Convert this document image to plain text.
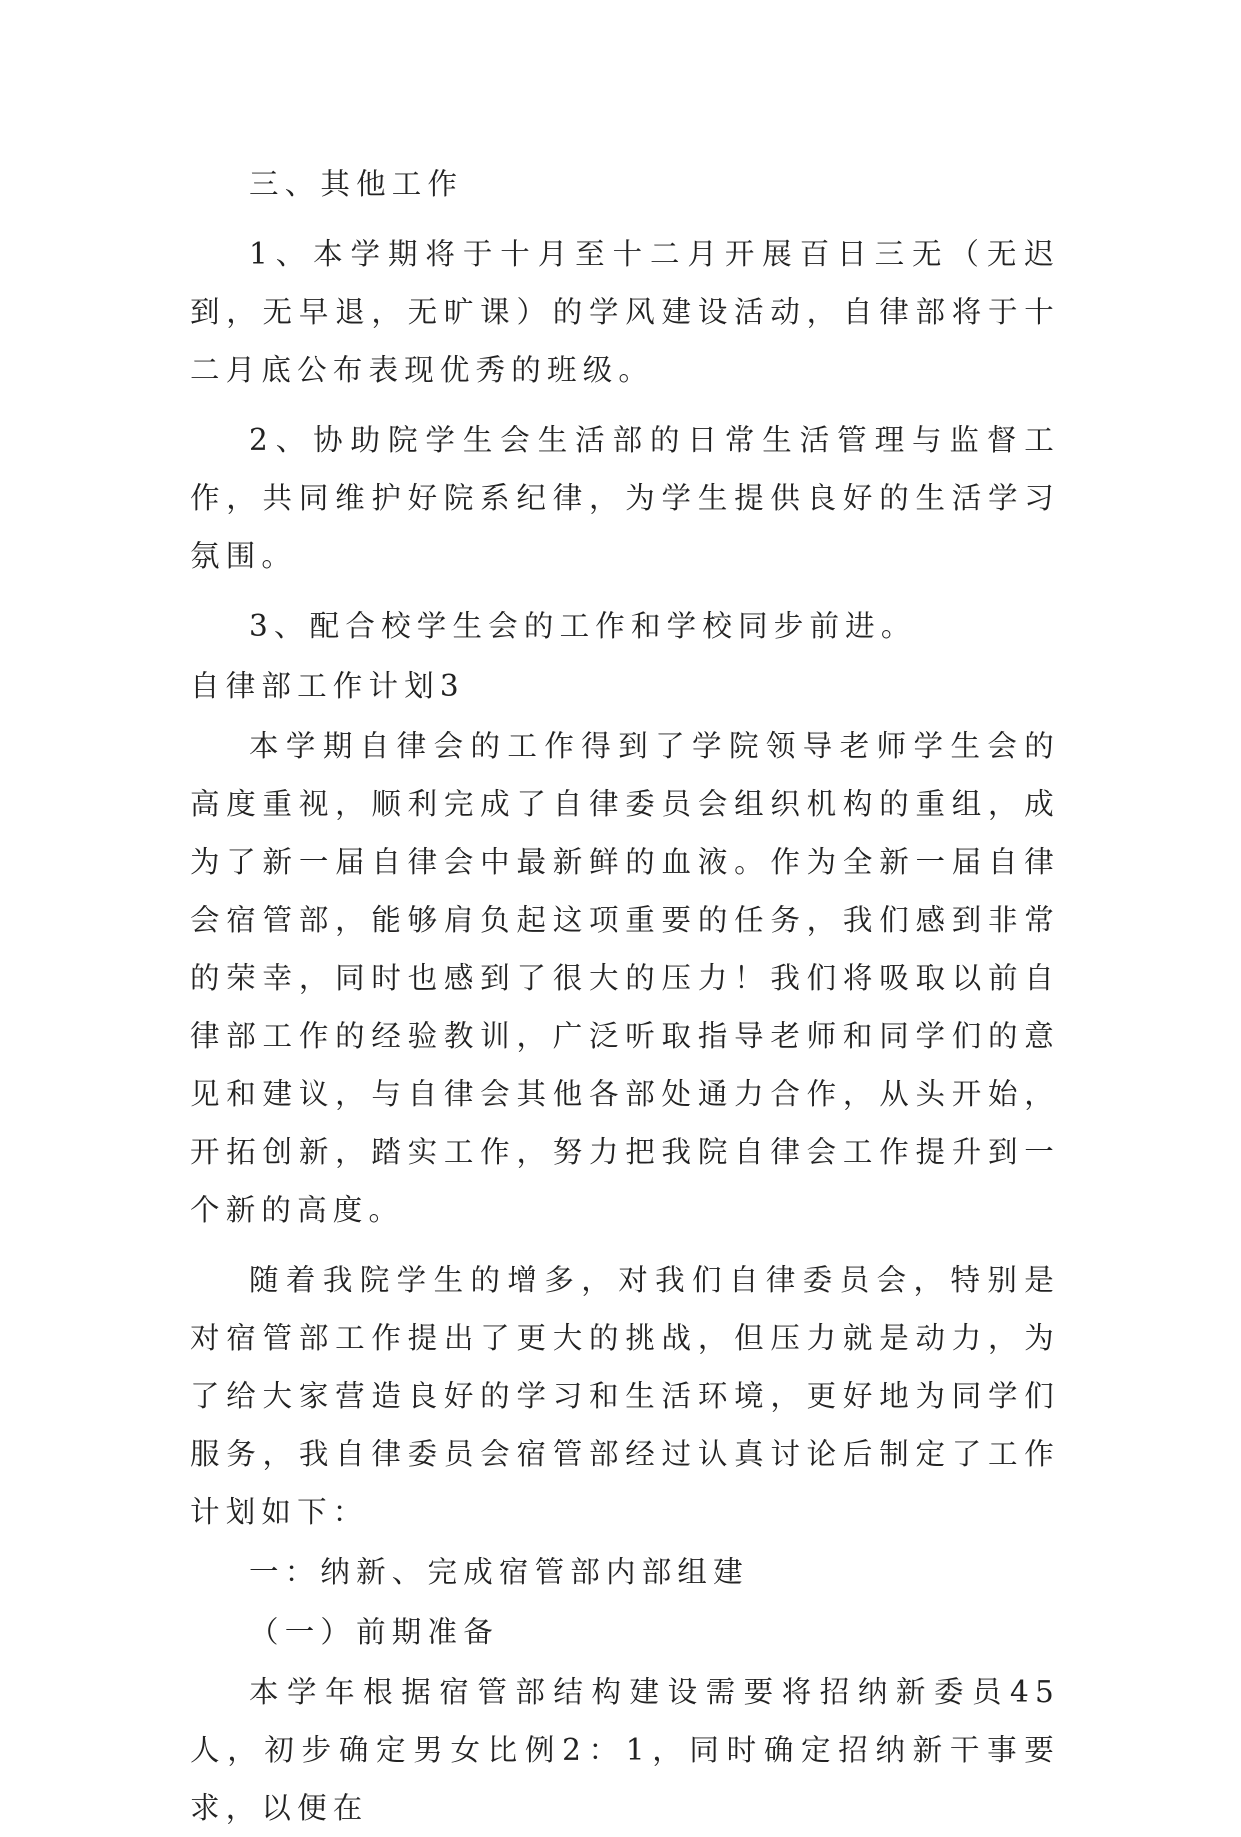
三、其他工作

1、本学期将于十月至十二月开展百日三无（无迟到，无早退，无旷课）的学风建设活动，自律部将于十二月底公布表现优秀的班级。

2、协助院学生会生活部的日常生活管理与监督工作，共同维护好院系纪律，为学生提供良好的生活学习氛围。

3、配合校学生会的工作和学校同步前进。

自律部工作计划3

本学期自律会的工作得到了学院领导老师学生会的高度重视，顺利完成了自律委员会组织机构的重组，成为了新一届自律会中最新鲜的血液。作为全新一届自律会宿管部，能够肩负起这项重要的任务，我们感到非常的荣幸，同时也感到了很大的压力！我们将吸取以前自律部工作的经验教训，广泛听取指导老师和同学们的意见和建议，与自律会其他各部处通力合作，从头开始，开拓创新，踏实工作，努力把我院自律会工作提升到一个新的高度。

随着我院学生的增多，对我们自律委员会，特别是对宿管部工作提出了更大的挑战，但压力就是动力，为了给大家营造良好的学习和生活环境，更好地为同学们服务，我自律委员会宿管部经过认真讨论后制定了工作计划如下：

一：纳新、完成宿管部内部组建

（一）前期准备

本学年根据宿管部结构建设需要将招纳新委员45人，初步确定男女比例2：1，同时确定招纳新干事要求，以便在
